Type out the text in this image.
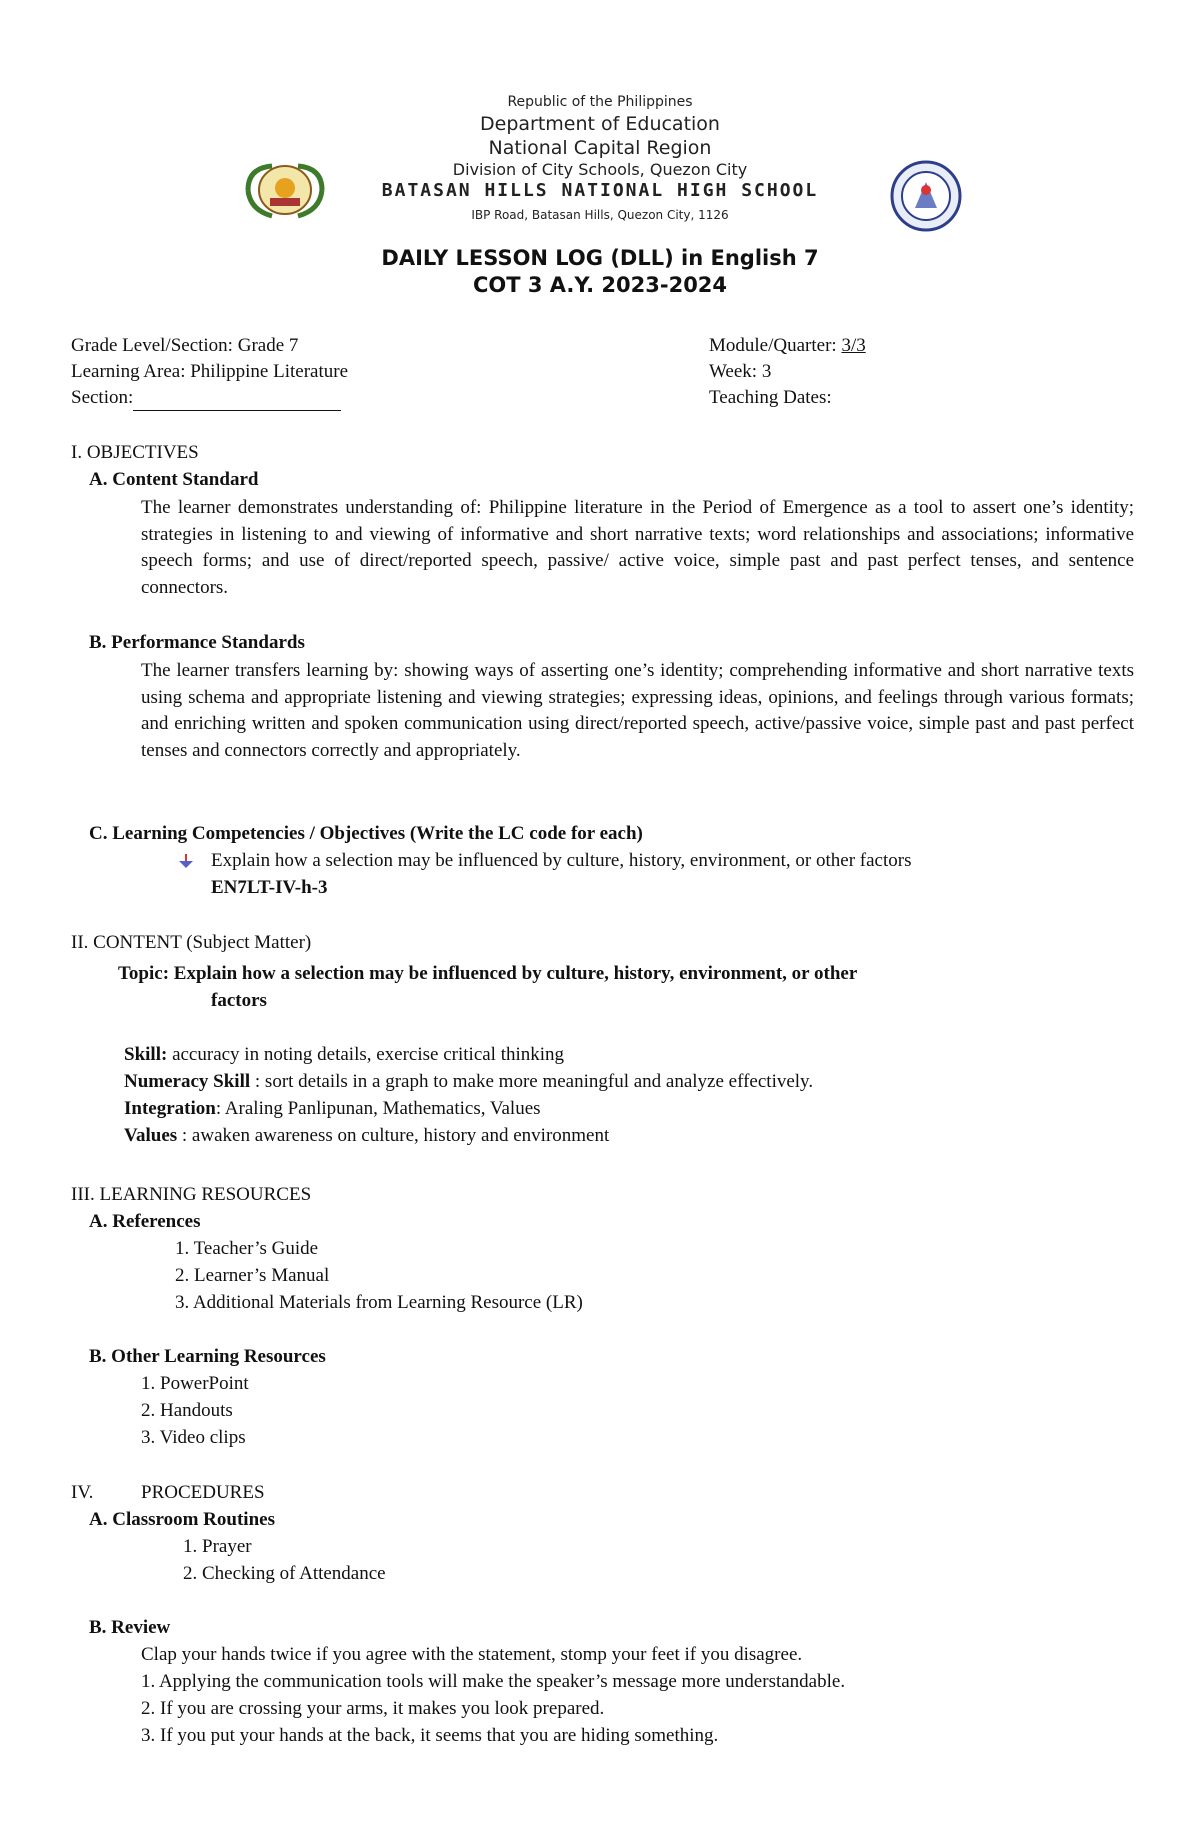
Republic of the Philippines
Department of Education
National Capital Region
Division of City Schools, Quezon City
BATASAN HILLS NATIONAL HIGH SCHOOL
IBP Road, Batasan Hills, Quezon City, 1126
DAILY LESSON LOG (DLL) in English 7
COT 3 A.Y. 2023-2024
Grade Level/Section: Grade 7
Learning Area: Philippine Literature
Section:
Module/Quarter: 3/3
Week: 3
Teaching Dates:
I. OBJECTIVES
A. Content Standard
The learner demonstrates understanding of: Philippine literature in the Period of Emergence as a tool to assert one’s identity; strategies in listening to and viewing of informative and short narrative texts; word relationships and associations; informative speech forms; and use of direct/reported speech, passive/ active voice, simple past and past perfect tenses, and sentence connectors.
B. Performance Standards
The learner transfers learning by: showing ways of asserting one’s identity; comprehending informative and short narrative texts using schema and appropriate listening and viewing strategies; expressing ideas, opinions, and feelings through various formats; and enriching written and spoken communication using direct/reported speech, active/passive voice, simple past and past perfect tenses and connectors correctly and appropriately.
C. Learning Competencies / Objectives (Write the LC code for each)
Explain how a selection may be influenced by culture, history, environment, or other factors
EN7LT-IV-h-3
II. CONTENT (Subject Matter)
Topic: Explain how a selection may be influenced by culture, history, environment, or other
factors
Skill: accuracy in noting details, exercise critical thinking
Numeracy Skill : sort details in a graph to make more meaningful and analyze effectively.
Integration: Araling Panlipunan, Mathematics, Values
Values : awaken awareness on culture, history and environment
III. LEARNING RESOURCES
A. References
1. Teacher’s Guide
2. Learner’s Manual
3. Additional Materials from Learning Resource (LR)
B. Other Learning Resources
1. PowerPoint
2. Handouts
3. Video clips
IV.	PROCEDURES
A. Classroom Routines
1. Prayer
2. Checking of Attendance
B. Review
Clap your hands twice if you agree with the statement, stomp your feet if you disagree.
1. Applying the communication tools will make the speaker’s message more understandable.
2. If you are crossing your arms, it makes you look prepared.
3. If you put your hands at the back, it seems that you are hiding something.
